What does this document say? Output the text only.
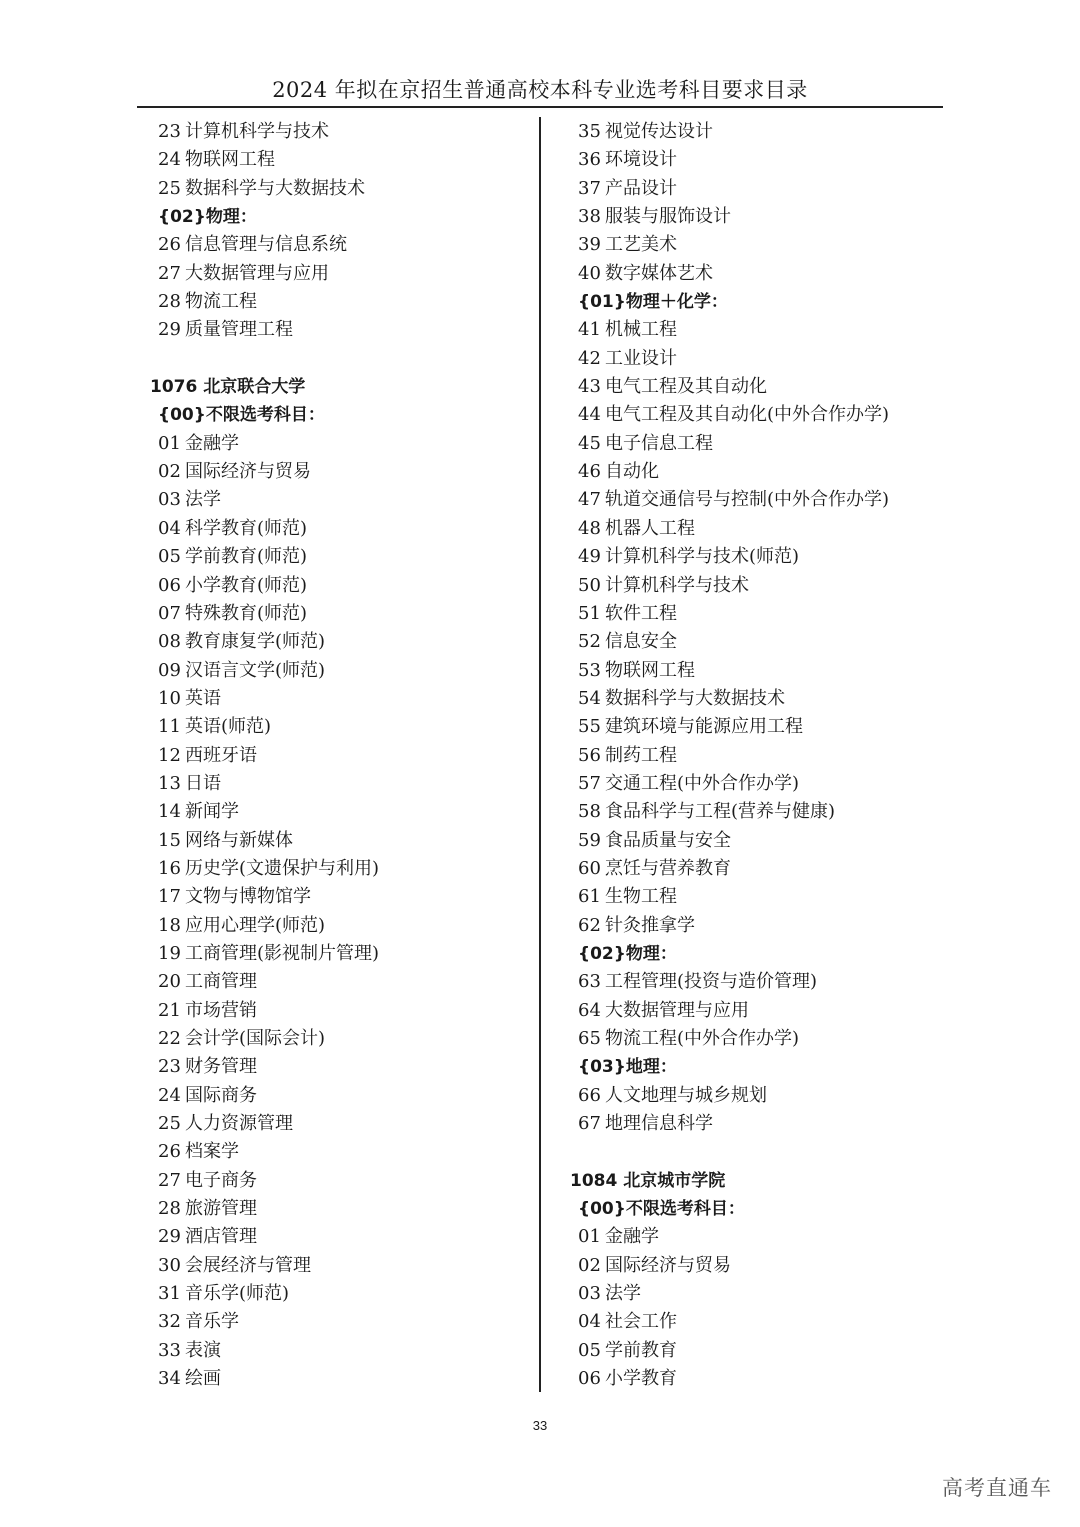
2024 年拟在京招生普通高校本科专业选考科目要求目录
23 计算机科学与技术
24 物联网工程
25 数据科学与大数据技术
{02}物理：
26 信息管理与信息系统
27 大数据管理与应用
28 物流工程
29 质量管理工程
1076 北京联合大学
{00}不限选考科目：
01 金融学
02 国际经济与贸易
03 法学
04 科学教育(师范)
05 学前教育(师范)
06 小学教育(师范)
07 特殊教育(师范)
08 教育康复学(师范)
09 汉语言文学(师范)
10 英语
11 英语(师范)
12 西班牙语
13 日语
14 新闻学
15 网络与新媒体
16 历史学(文遗保护与利用)
17 文物与博物馆学
18 应用心理学(师范)
19 工商管理(影视制片管理)
20 工商管理
21 市场营销
22 会计学(国际会计)
23 财务管理
24 国际商务
25 人力资源管理
26 档案学
27 电子商务
28 旅游管理
29 酒店管理
30 会展经济与管理
31 音乐学(师范)
32 音乐学
33 表演
34 绘画
35 视觉传达设计
36 环境设计
37 产品设计
38 服装与服饰设计
39 工艺美术
40 数字媒体艺术
{01}物理＋化学：
41 机械工程
42 工业设计
43 电气工程及其自动化
44 电气工程及其自动化(中外合作办学)
45 电子信息工程
46 自动化
47 轨道交通信号与控制(中外合作办学)
48 机器人工程
49 计算机科学与技术(师范)
50 计算机科学与技术
51 软件工程
52 信息安全
53 物联网工程
54 数据科学与大数据技术
55 建筑环境与能源应用工程
56 制药工程
57 交通工程(中外合作办学)
58 食品科学与工程(营养与健康)
59 食品质量与安全
60 烹饪与营养教育
61 生物工程
62 针灸推拿学
{02}物理：
63 工程管理(投资与造价管理)
64 大数据管理与应用
65 物流工程(中外合作办学)
{03}地理：
66 人文地理与城乡规划
67 地理信息科学
1084 北京城市学院
{00}不限选考科目：
01 金融学
02 国际经济与贸易
03 法学
04 社会工作
05 学前教育
06 小学教育
33
高考直通车
